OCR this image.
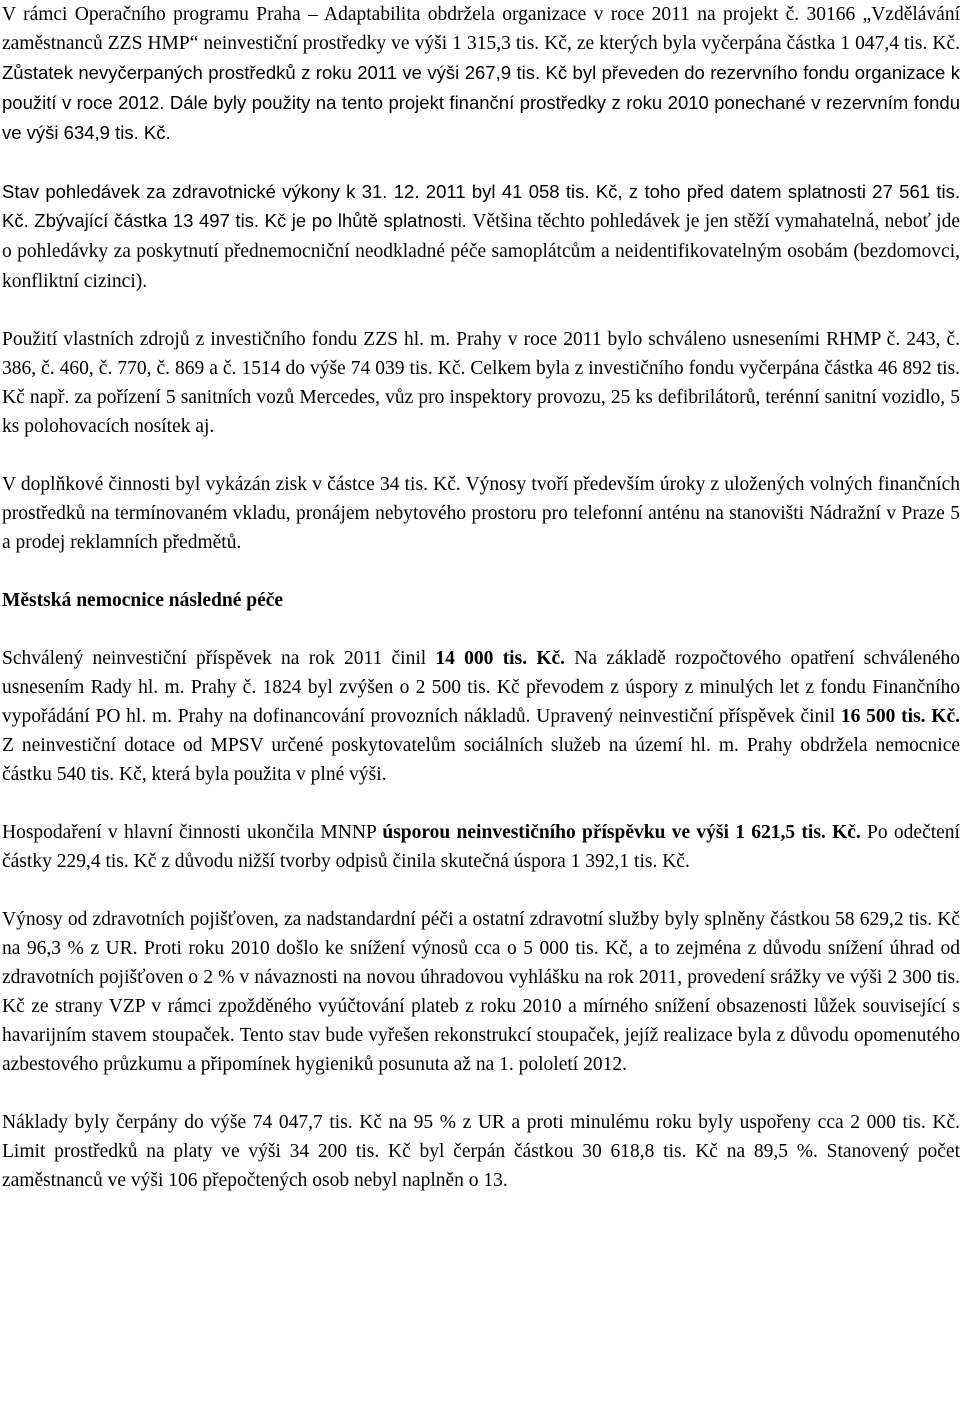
V rámci Operačního programu Praha – Adaptabilita obdržela organizace v roce 2011 na projekt č. 30166 „Vzdělávání zaměstnanců ZZS HMP“ neinvestiční prostředky ve výši 1 315,3 tis. Kč, ze kterých byla vyčerpána částka 1 047,4 tis. Kč. Zůstatek nevyčerpaných prostředků z roku 2011 ve výši 267,9 tis. Kč byl převeden do rezervního fondu organizace k použití v roce 2012. Dále byly použity na tento projekt finanční prostředky z roku 2010 ponechané v rezervním fondu ve výši 634,9 tis. Kč.

Stav pohledávek za zdravotnické výkony k 31. 12. 2011 byl 41 058 tis. Kč, z toho před datem splatnosti 27 561 tis. Kč. Zbývající částka 13 497 tis. Kč je po lhůtě splatnosti. Většina těchto pohledávek je jen stěží vymahatelná, neboť jde o pohledávky za poskytnutí přednemocniční neodkladné péče samoplátcům a neidentifikovatelným osobám (bezdomovci, konfliktní cizinci).

Použití vlastních zdrojů z investičního fondu ZZS hl. m. Prahy v roce 2011 bylo schváleno usneseními RHMP č. 243, č. 386, č. 460, č. 770, č. 869 a č. 1514 do výše 74 039 tis. Kč. Celkem byla z investičního fondu vyčerpána částka 46 892 tis. Kč např. za pořízení 5 sanitních vozů Mercedes, vůz pro inspektory provozu, 25 ks defibrilátorů, terénní sanitní vozidlo, 5 ks polohovacích nosítek aj.

V doplňkové činnosti byl vykázán zisk v částce 34 tis. Kč. Výnosy tvoří především úroky z uložených volných finančních prostředků na termínovaném vkladu, pronájem nebytového prostoru pro telefonní anténu na stanovišti Nádražní v Praze 5 a prodej reklamních předmětů.

Městská nemocnice následné péče

Schválený neinvestiční příspěvek na rok 2011 činil 14 000 tis. Kč. Na základě rozpočtového opatření schváleného usnesením Rady hl. m. Prahy č. 1824 byl zvýšen o 2 500 tis. Kč převodem z úspory z minulých let z fondu Finančního vypořádání PO hl. m. Prahy na dofinancování provozních nákladů. Upravený neinvestiční příspěvek činil 16 500 tis. Kč. Z neinvestiční dotace od MPSV určené poskytovatelům sociálních služeb na území hl. m. Prahy obdržela nemocnice částku 540 tis. Kč, která byla použita v plné výši.

Hospodaření v hlavní činnosti ukončila MNNP úsporou neinvestičního příspěvku ve výši 1 621,5 tis. Kč. Po odečtení částky 229,4 tis. Kč z důvodu nižší tvorby odpisů činila skutečná úspora 1 392,1 tis. Kč.

Výnosy od zdravotních pojišťoven, za nadstandardní péči a ostatní zdravotní služby byly splněny částkou 58 629,2 tis. Kč na 96,3 % z UR. Proti roku 2010 došlo ke snížení výnosů cca o 5 000 tis. Kč, a to zejména z důvodu snížení úhrad od zdravotních pojišťoven o 2 % v návaznosti na novou úhradovou vyhlášku na rok 2011, provedení srážky ve výši 2 300 tis. Kč ze strany VZP v rámci zpožděného vyúčtování plateb z roku 2010 a mírného snížení obsazenosti lůžek související s havarijním stavem stoupaček. Tento stav bude vyřešen rekonstrukcí stoupaček, jejíž realizace byla z důvodu opomenutého azbestového průzkumu a připomínek hygieniků posunuta až na 1. pololetí 2012.

Náklady byly čerpány do výše 74 047,7 tis. Kč na 95 % z UR a proti minulému roku byly uspořeny cca 2 000 tis. Kč. Limit prostředků na platy ve výši 34 200 tis. Kč byl čerpán částkou 30 618,8 tis. Kč na 89,5 %. Stanovený počet zaměstnanců ve výši 106 přepočtených osob nebyl naplněn o 13.
